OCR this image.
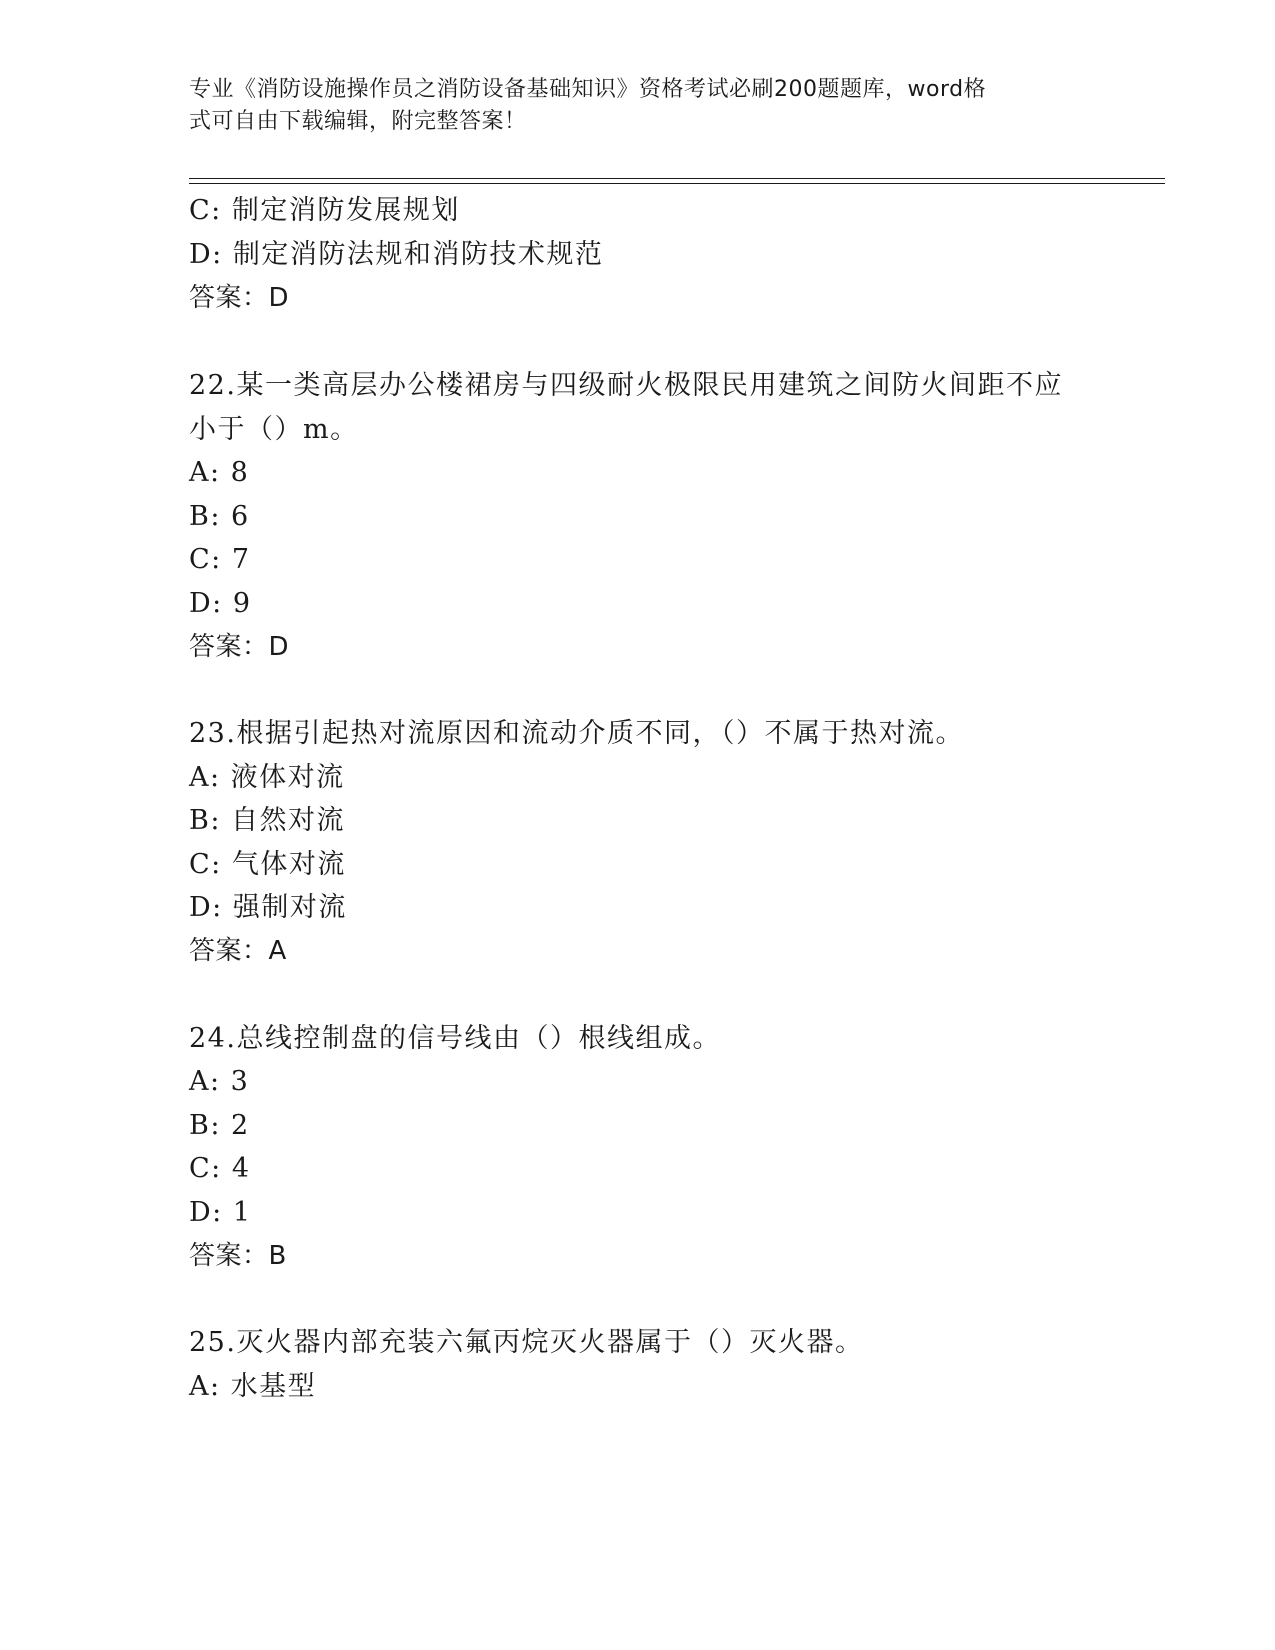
专业《消防设施操作员之消防设备基础知识》资格考试必刷200题题库，word格
式可自由下载编辑，附完整答案！
C: 制定消防发展规划
D: 制定消防法规和消防技术规范
答案：D
22.某一类高层办公楼裙房与四级耐火极限民用建筑之间防火间距不应
小于（）m。
A: 8
B: 6
C: 7
D: 9
答案：D
23.根据引起热对流原因和流动介质不同，（）不属于热对流。
A: 液体对流
B: 自然对流
C: 气体对流
D: 强制对流
答案：A
24.总线控制盘的信号线由（）根线组成。
A: 3
B: 2
C: 4
D: 1
答案：B
25.灭火器内部充装六氟丙烷灭火器属于（）灭火器。
A: 水基型
